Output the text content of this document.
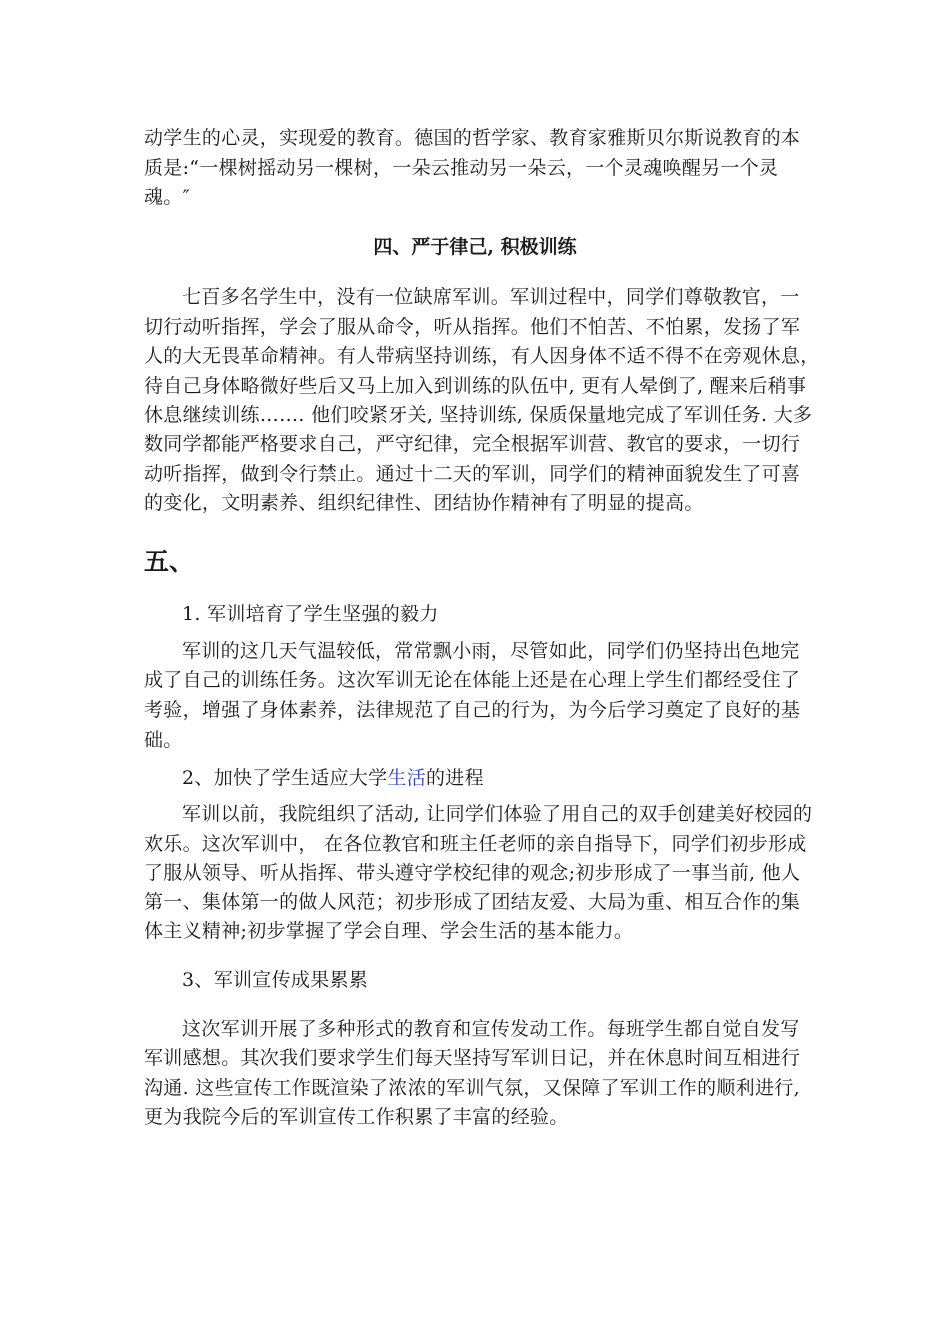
动学生的心灵，实现爱的教育。德国的哲学家、教育家雅斯贝尔斯说教育的本
质是:“一棵树摇动另一棵树，一朵云推动另一朵云，一个灵魂唤醒另一个灵
魂。″
四、严于律己, 积极训练
七百多名学生中，没有一位缺席军训。军训过程中，同学们尊敬教官，一
切行动听指挥，学会了服从命令，听从指挥。他们不怕苦、不怕累，发扬了军
人的大无畏革命精神。有人带病坚持训练，有人因身体不适不得不在旁观休息，
待自己身体略微好些后又马上加入到训练的队伍中, 更有人晕倒了, 醒来后稍事
休息继续训练……. 他们咬紧牙关, 坚持训练, 保质保量地完成了军训任务. 大多
数同学都能严格要求自己，严守纪律，完全根据军训营、教官的要求，一切行
动听指挥，做到令行禁止。通过十二天的军训，同学们的精神面貌发生了可喜
的变化，文明素养、组织纪律性、团结协作精神有了明显的提高。
五、
1. 军训培育了学生坚强的毅力
军训的这几天气温较低，常常飘小雨，尽管如此，同学们仍坚持出色地完
成了自己的训练任务。这次军训无论在体能上还是在心理上学生们都经受住了
考验，增强了身体素养，法律规范了自己的行为，为今后学习奠定了良好的基
础。
2、加快了学生适应大学生活的进程
军训以前，我院组织了活动, 让同学们体验了用自己的双手创建美好校园的
欢乐。这次军训中， 在各位教官和班主任老师的亲自指导下，同学们初步形成
了服从领导、听从指挥、带头遵守学校纪律的观念;初步形成了一事当前, 他人
第一、集体第一的做人风范；初步形成了团结友爱、大局为重、相互合作的集
体主义精神;初步掌握了学会自理、学会生活的基本能力。
3、军训宣传成果累累
这次军训开展了多种形式的教育和宣传发动工作。每班学生都自觉自发写
军训感想。其次我们要求学生们每天坚持写军训日记，并在休息时间互相进行
沟通. 这些宣传工作既渲染了浓浓的军训气氛，又保障了军训工作的顺利进行,
更为我院今后的军训宣传工作积累了丰富的经验。
